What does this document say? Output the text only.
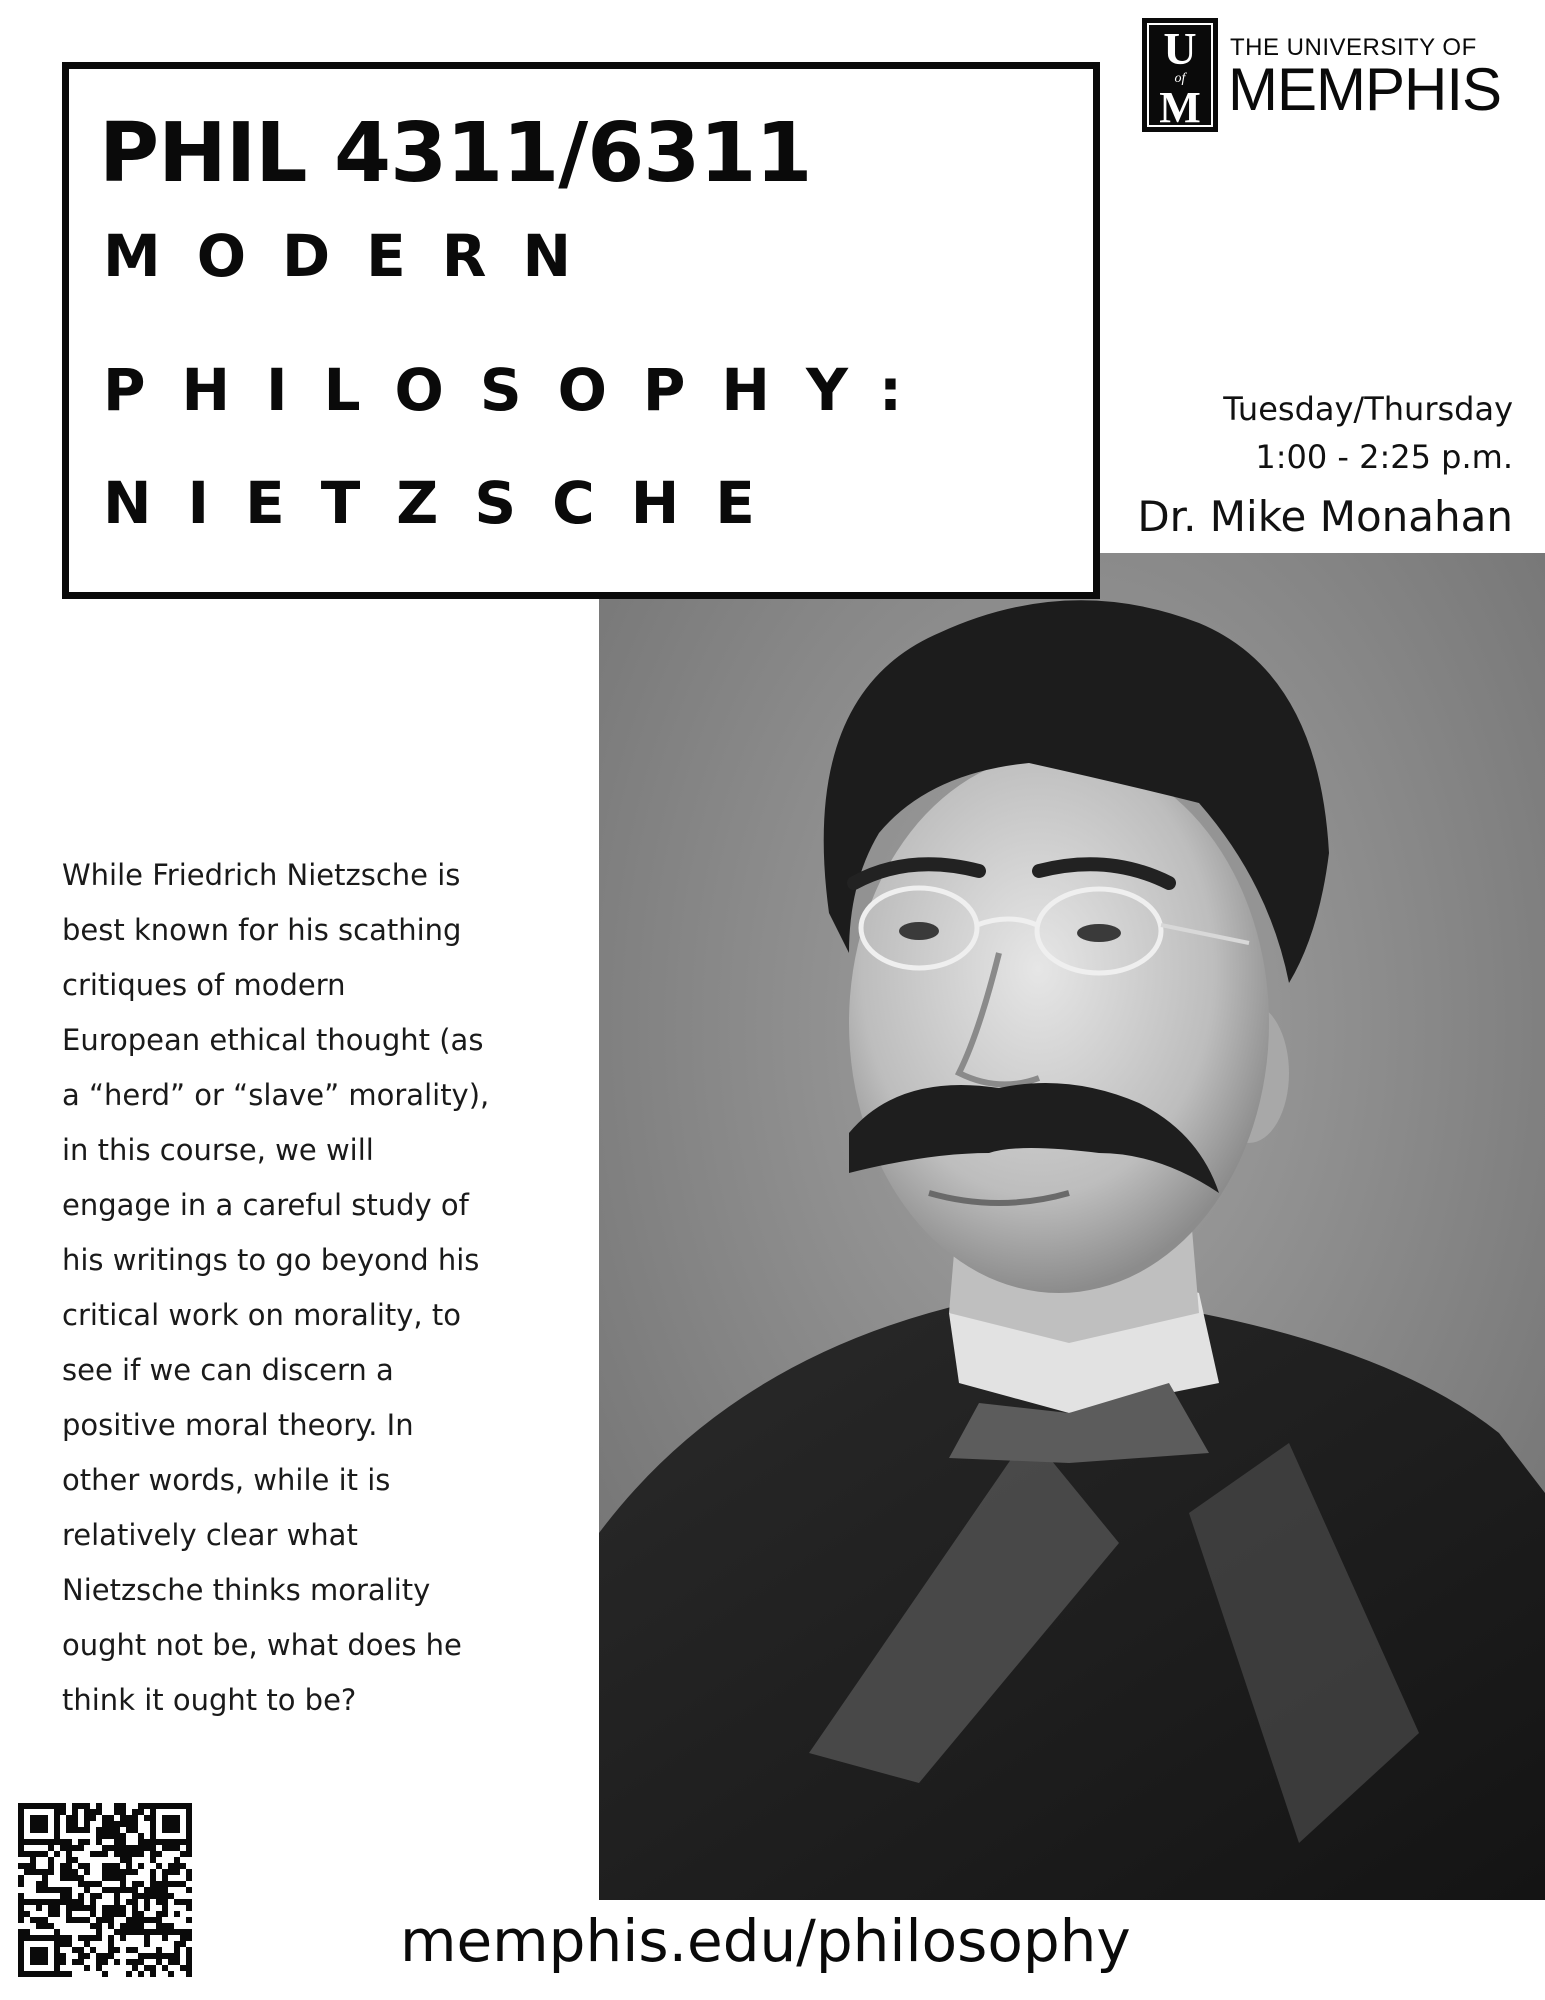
PHIL 4311/6311

MODERN

PHILOSOPHY:

NIETZSCHE

U
of
M
THE UNIVERSITY OF
MEMPHIS
Tuesday/Thursday
1:00 - 2:25 p.m.
Dr. Mike Monahan
While Friedrich Nietzsche is
best known for his scathing
critiques of modern
European ethical thought (as
a “herd” or “slave” morality),
in this course, we will
engage in a careful study of
his writings to go beyond his
critical work on morality, to
see if we can discern a
positive moral theory. In
other words, while it is
relatively clear what
Nietzsche thinks morality
ought not be, what does he
think it ought to be?
memphis.edu/philosophy
